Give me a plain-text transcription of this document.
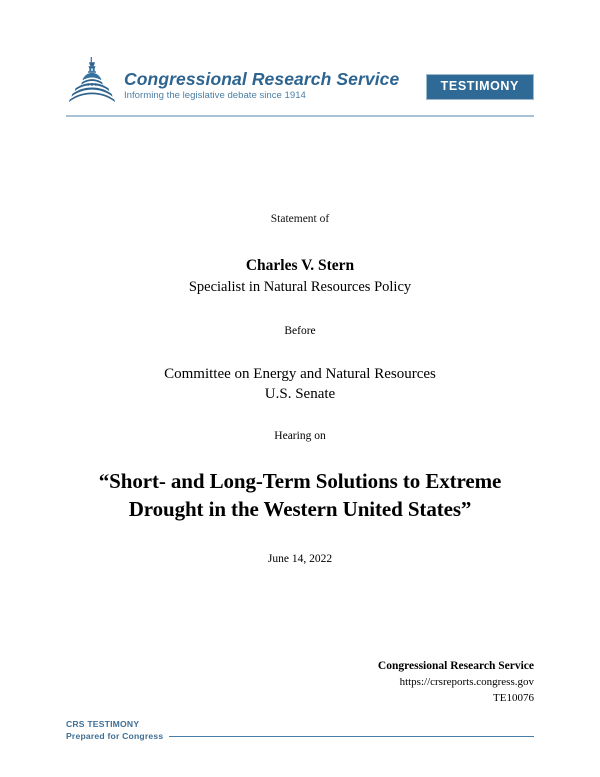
Congressional Research Service
Informing the legislative debate since 1914
TESTIMONY
Statement of
Charles V. Stern
Specialist in Natural Resources Policy
Before
Committee on Energy and Natural Resources
U.S. Senate
Hearing on
“Short- and Long-Term Solutions to Extreme Drought in the Western United States”
June 14, 2022
Congressional Research Service
https://crsreports.congress.gov
TE10076
CRS TESTIMONY
Prepared for Congress
